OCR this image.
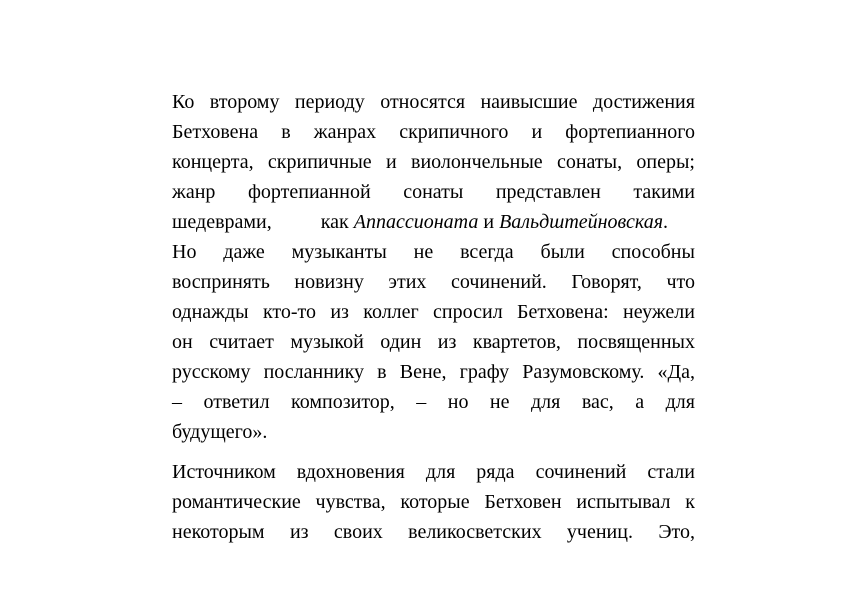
Ко второму периоду относятся наивысшие достижения
Бетховена в жанрах скрипичного и фортепианного
концерта, скрипичные и виолончельные сонаты, оперы;
жанр фортепианной сонаты представлен такими
шедеврами, как Аппассионата и Вальдштейновская.
Но даже музыканты не всегда были способны
воспринять новизну этих сочинений. Говорят, что
однажды кто-то из коллег спросил Бетховена: неужели
он считает музыкой один из квартетов, посвященных
русскому посланнику в Вене, графу Разумовскому. «Да,
– ответил композитор, – но не для вас, а для
будущего».
Источником вдохновения для ряда сочинений стали
романтические чувства, которые Бетховен испытывал к
некоторым из своих великосветских учениц. Это,
